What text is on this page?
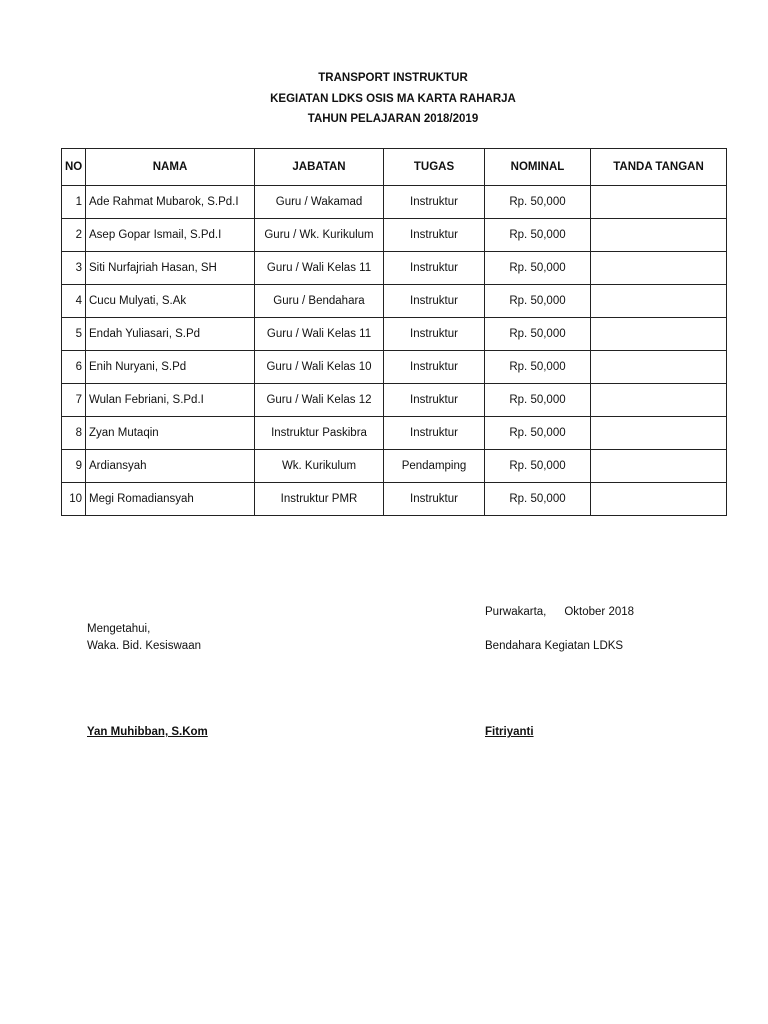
TRANSPORT INSTRUKTUR
KEGIATAN LDKS OSIS MA KARTA RAHARJA
TAHUN PELAJARAN 2018/2019
NO	NAMA	JABATAN	TUGAS	NOMINAL	TANDA TANGAN
1	Ade Rahmat Mubarok, S.Pd.I	Guru / Wakamad	Instruktur	Rp. 50,000	
2	Asep Gopar Ismail, S.Pd.I	Guru / Wk. Kurikulum	Instruktur	Rp. 50,000	
3	Siti Nurfajriah Hasan, SH	Guru / Wali Kelas 11	Instruktur	Rp. 50,000	
4	Cucu Mulyati, S.Ak	Guru / Bendahara	Instruktur	Rp. 50,000	
5	Endah Yuliasari, S.Pd	Guru / Wali Kelas 11	Instruktur	Rp. 50,000	
6	Enih Nuryani, S.Pd	Guru / Wali Kelas 10	Instruktur	Rp. 50,000	
7	Wulan Febriani, S.Pd.I	Guru / Wali Kelas 12	Instruktur	Rp. 50,000	
8	Zyan Mutaqin	Instruktur Paskibra	Instruktur	Rp. 50,000	
9	Ardiansyah	Wk. Kurikulum	Pendamping	Rp. 50,000	
10	Megi Romadiansyah	Instruktur PMR	Instruktur	Rp. 50,000	
Purwakarta, Oktober 2018
Bendahara Kegiatan LDKS
Fitriyanti
Mengetahui,
Waka. Bid. Kesiswaan
Yan Muhibban, S.Kom
